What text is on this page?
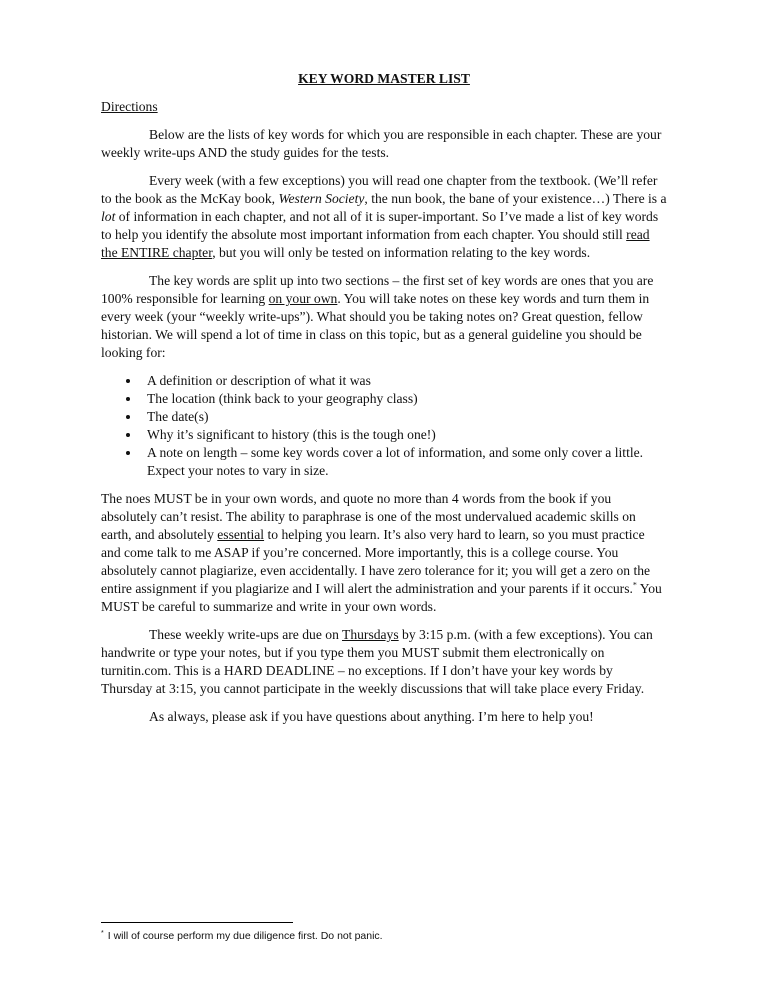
KEY WORD MASTER LIST
Directions

Below are the lists of key words for which you are responsible in each chapter. These are your weekly write-ups AND the study guides for the tests.

Every week (with a few exceptions) you will read one chapter from the textbook. (We’ll refer to the book as the McKay book, Western Society, the nun book, the bane of your existence…) There is a lot of information in each chapter, and not all of it is super-important. So I’ve made a list of key words to help you identify the absolute most important information from each chapter. You should still read the ENTIRE chapter, but you will only be tested on information relating to the key words.

The key words are split up into two sections – the first set of key words are ones that you are 100% responsible for learning on your own. You will take notes on these key words and turn them in every week (your “weekly write-ups”). What should you be taking notes on? Great question, fellow historian. We will spend a lot of time in class on this topic, but as a general guideline you should be looking for:

• A definition or description of what it was
• The location (think back to your geography class)
• The date(s)
• Why it’s significant to history (this is the tough one!)
• A note on length – some key words cover a lot of information, and some only cover a little. Expect your notes to vary in size.

The noes MUST be in your own words, and quote no more than 4 words from the book if you absolutely can’t resist. The ability to paraphrase is one of the most undervalued academic skills on earth, and absolutely essential to helping you learn. It’s also very hard to learn, so you must practice and come talk to me ASAP if you’re concerned. More importantly, this is a college course. You absolutely cannot plagiarize, even accidentally. I have zero tolerance for it; you will get a zero on the entire assignment if you plagiarize and I will alert the administration and your parents if it occurs.* You MUST be careful to summarize and write in your own words.

These weekly write-ups are due on Thursdays by 3:15 p.m. (with a few exceptions). You can handwrite or type your notes, but if you type them you MUST submit them electronically on turnitin.com. This is a HARD DEADLINE – no exceptions. If I don’t have your key words by Thursday at 3:15, you cannot participate in the weekly discussions that will take place every Friday.

As always, please ask if you have questions about anything. I’m here to help you!

* I will of course perform my due diligence first. Do not panic.
